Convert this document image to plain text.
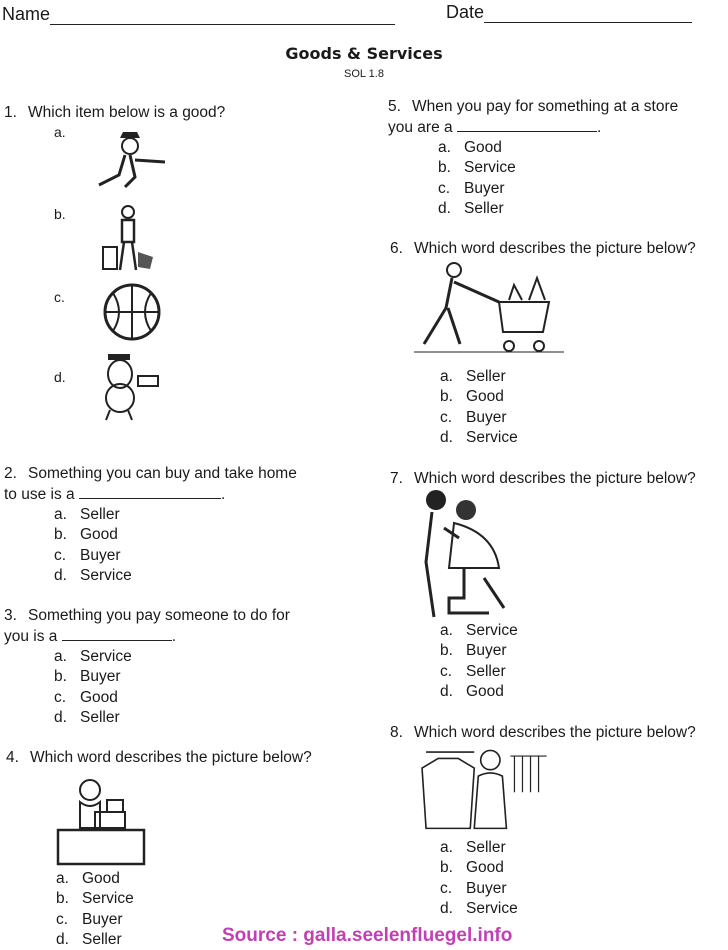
Name	Date
Goods & Services
SOL 1.8
1. Which item below is a good?
a.
b.
c.
d.
2. Something you can buy and take home
to use is a	.
a. Seller
b. Good
c. Buyer
d. Service
3. Something you pay someone to do for
you is a	.
a. Service
b. Buyer
c. Good
d. Seller
4. Which word describes the picture below?
a. Good
b. Service
c. Buyer
d. Seller
5. When you pay for something at a store
you are a	.
a. Good
b. Service
c. Buyer
d. Seller
6. Which word describes the picture below?
a. Seller
b. Good
c. Buyer
d. Service
7. Which word describes the picture below?
a. Service
b. Buyer
c. Seller
d. Good
8. Which word describes the picture below?
a. Seller
b. Good
c. Buyer
d. Service
Source : galla.seelenfluegel.info
